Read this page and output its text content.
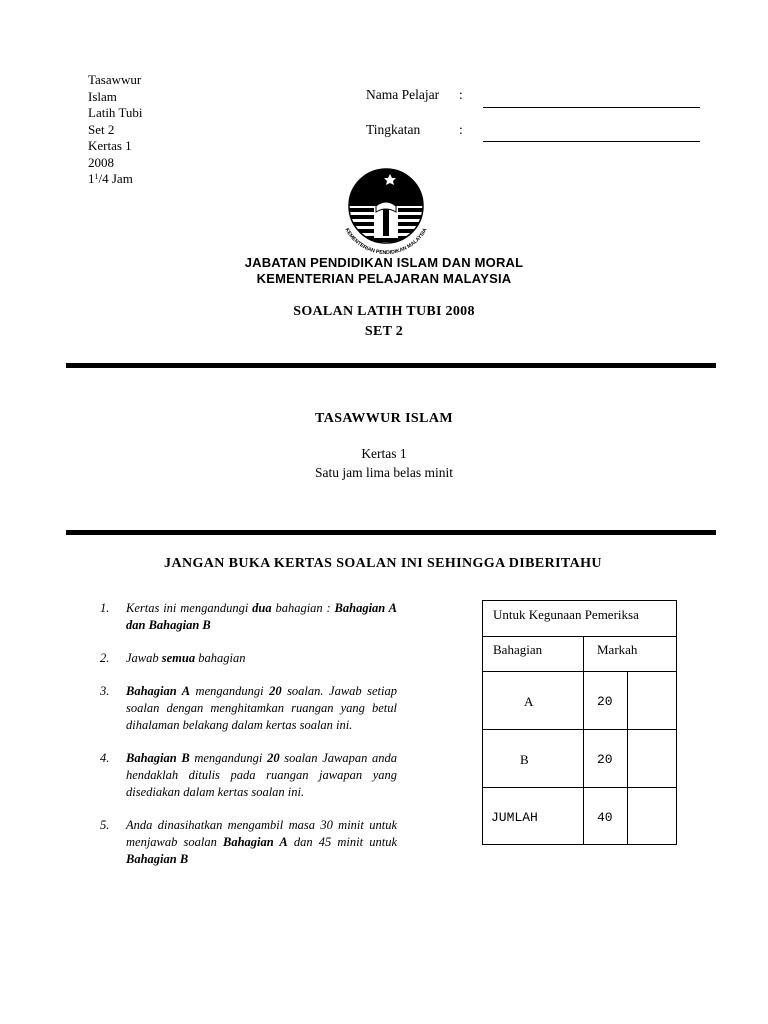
Tasawwur
Islam
Latih Tubi
Set 2
Kertas 1
2008
$1^1/4$ Jam
Nama Pelajar :
Tingkatan	:
KEMENTERIAN PENDIDIKAN MALAYSIA
JABATAN PENDIDIKAN ISLAM DAN MORAL
KEMENTERIAN PELAJARAN MALAYSIA
SOALAN LATIH TUBI 2008
SET 2
TASAWWUR ISLAM
Kertas 1
Satu jam lima belas minit
JANGAN BUKA KERTAS SOALAN INI SEHINGGA DIBERITAHU
1.	Kertas ini mengandungi dua bahagian : Bahagian A dan Bahagian B
2.	Jawab semua bahagian
3.	Bahagian A mengandungi 20 soalan. Jawab setiap soalan dengan menghitamkan ruangan yang betul dihalaman belakang dalam kertas soalan ini.
4.	Bahagian B mengandungi 20 soalan Jawapan anda hendaklah ditulis pada ruangan jawapan yang disediakan dalam kertas soalan ini.
5.	Anda dinasihatkan mengambil masa 30 minit untuk menjawab soalan Bahagian A dan 45 minit untuk Bahagian B
Untuk Kegunaan Pemeriksa
Bahagian	Markah
A	20
B	20
JUMLAH	40
